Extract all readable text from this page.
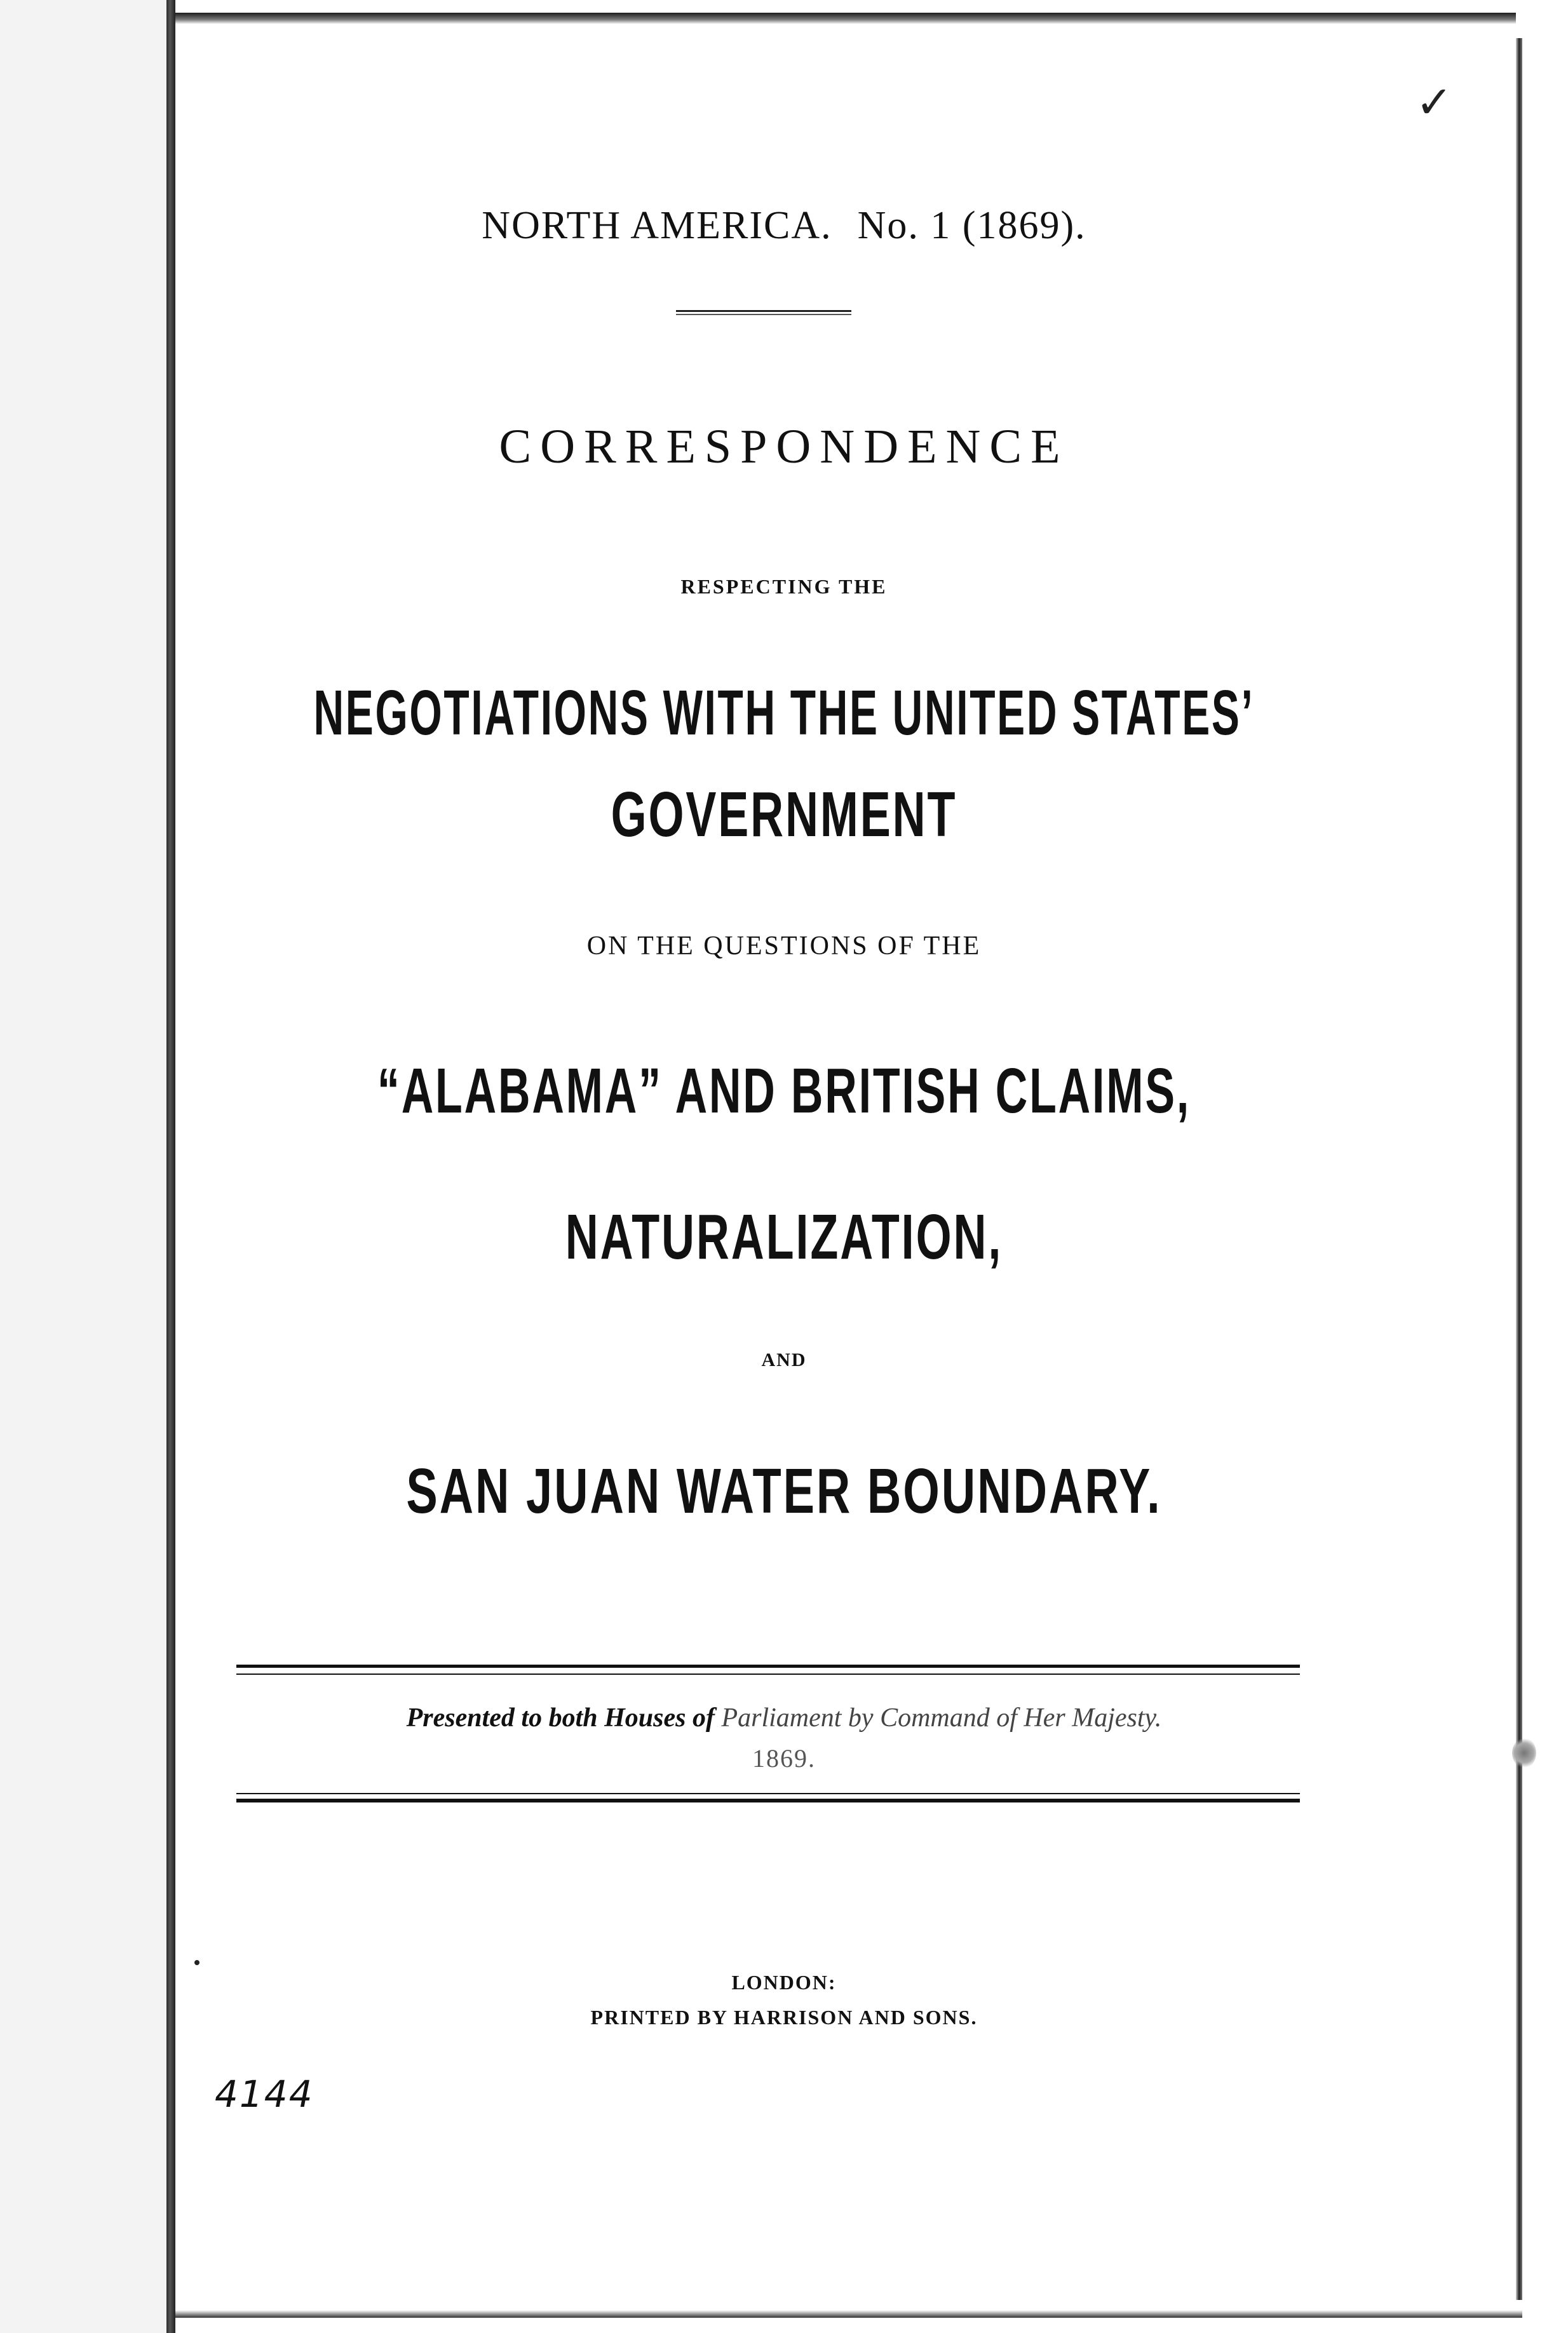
✓

NORTH AMERICA. No. 1 (1869).

CORRESPONDENCE

RESPECTING THE

NEGOTIATIONS WITH THE UNITED STATES’

GOVERNMENT

ON THE QUESTIONS OF THE

“ALABAMA” AND BRITISH CLAIMS,

NATURALIZATION,

AND

SAN JUAN WATER BOUNDARY.

Presented to both Houses of Parliament by Command of Her Majesty.

1869.

LONDON:

PRINTED BY HARRISON AND SONS.

4144
